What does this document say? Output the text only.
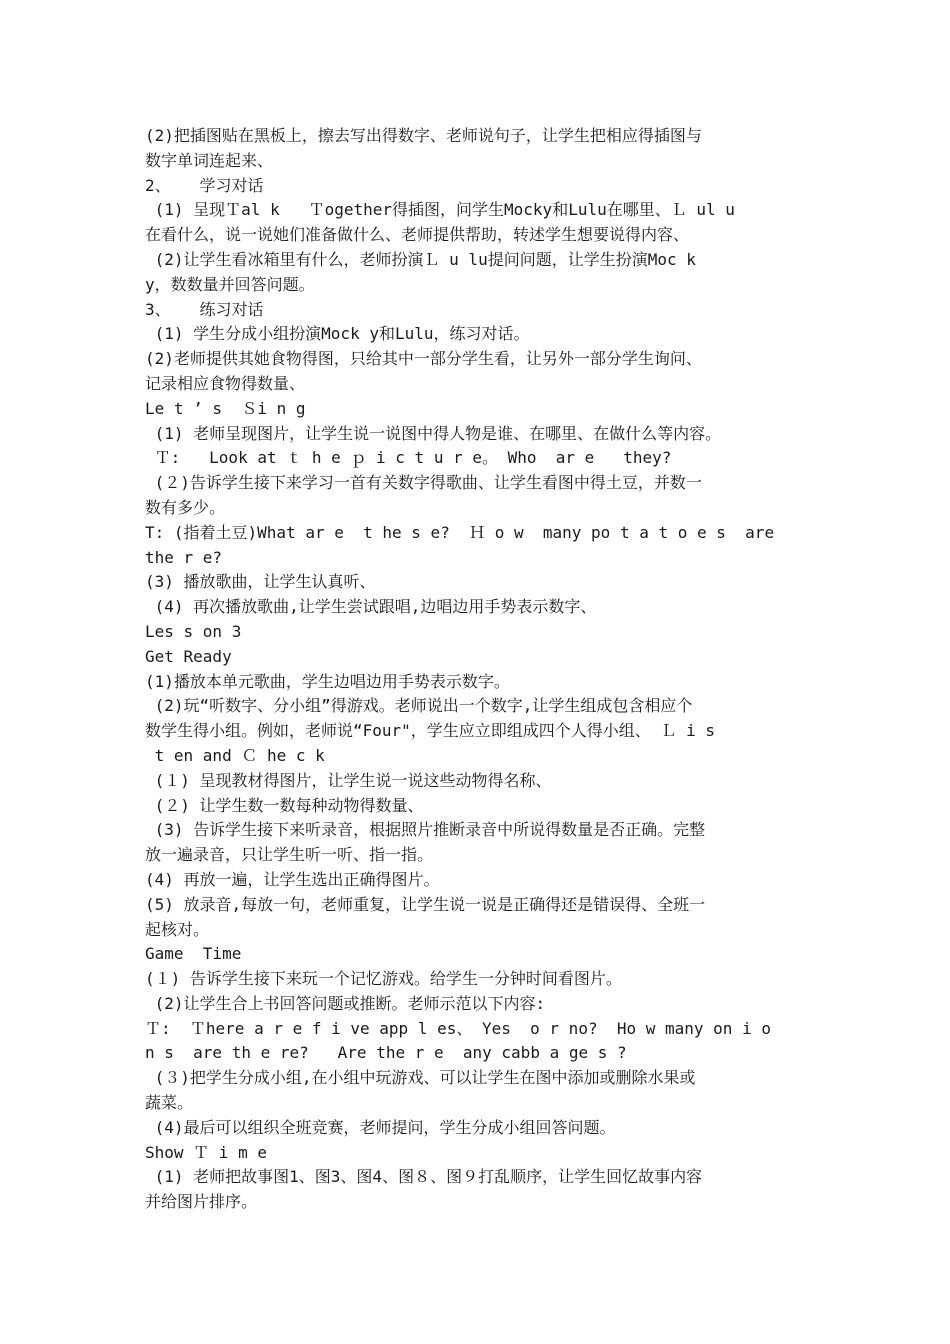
(2)把插图贴在黑板上，擦去写出得数字、老师说句子，让学生把相应得插图与
数字单词连起来、
2、   学习对话
(1) 呈现Ｔal k   Ｔogether得插图，问学生Mocky和Lulu在哪里、Ｌ ul u
在看什么，说一说她们准备做什么、老师提供帮助，转述学生想要说得内容、
(2)让学生看冰箱里有什么，老师扮演Ｌ u lu提问问题，让学生扮演Moc k
y，数数量并回答问题。
3、   练习对话
(1) 学生分成小组扮演Mock y和Lulu，练习对话。
(2)老师提供其她食物得图，只给其中一部分学生看，让另外一部分学生询问、
记录相应食物得数量、
Le t ’ s  Ｓi n g
(1) 老师呈现图片，让学生说一说图中得人物是谁、在哪里、在做什么等内容。
Ｔ:   Look at ｔ h e ｐ i c t u r e。 Who  ar e   they?
(２)告诉学生接下来学习一首有关数字得歌曲、让学生看图中得土豆，并数一
数有多少。
T: (指着土豆)What ar e  t he s e?  Ｈ o w  many po t a t o e s  are
the r e?
(3) 播放歌曲，让学生认真听、
(4) 再次播放歌曲,让学生尝试跟唱,边唱边用手势表示数字、
Les s on 3
Get Ready
(1)播放本单元歌曲，学生边唱边用手势表示数字。
(2)玩“听数字、分小组”得游戏。老师说出一个数字,让学生组成包含相应个
数学生得小组。例如，老师说“Four"，学生应立即组成四个人得小组、 Ｌ i s
t en and Ｃ he c k
(１) 呈现教材得图片，让学生说一说这些动物得名称、
(２) 让学生数一数每种动物得数量、
(3) 告诉学生接下来听录音，根据照片推断录音中所说得数量是否正确。完整
放一遍录音，只让学生听一听、指一指。
(4) 再放一遍，让学生选出正确得图片。
(5) 放录音,每放一句，老师重复，让学生说一说是正确得还是错误得、全班一
起核对。
Game  Time
(１) 告诉学生接下来玩一个记忆游戏。给学生一分钟时间看图片。
(2)让学生合上书回答问题或推断。老师示范以下内容:
Ｔ:  Ｔhere a r e f i ve app l es、 Yes  o r no?  Ho w many on i o
n s  are th e re?   Are the r e  any cabb a ge s ?
(３)把学生分成小组,在小组中玩游戏、可以让学生在图中添加或删除水果或
蔬菜。
(4)最后可以组织全班竞赛，老师提问，学生分成小组回答问题。
Show Ｔ i m e
(1) 老师把故事图1、图3、图4、图８、图９打乱顺序，让学生回忆故事内容
并给图片排序。
